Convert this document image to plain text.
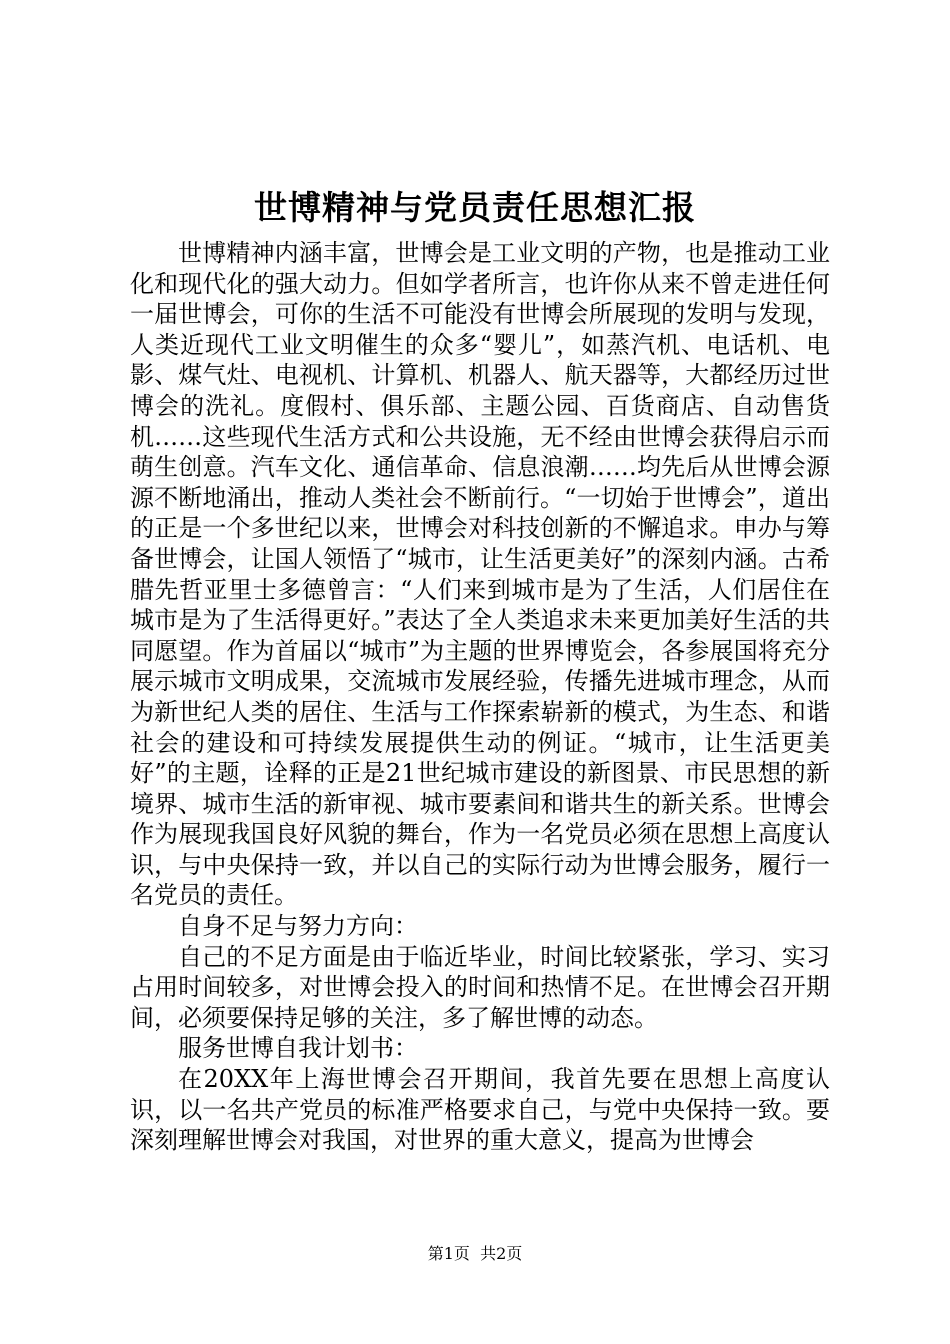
世博精神与党员责任思想汇报

世博精神内涵丰富，世博会是工业文明的产物，也是推动工业化和现代化的强大动力。但如学者所言，也许你从来不曾走进任何一届世博会，可你的生活不可能没有世博会所展现的发明与发现，人类近现代工业文明催生的众多“婴儿”，如蒸汽机、电话机、电影、煤气灶、电视机、计算机、机器人、航天器等，大都经历过世博会的洗礼。度假村、俱乐部、主题公园、百货商店、自动售货机……这些现代生活方式和公共设施，无不经由世博会获得启示而萌生创意。汽车文化、通信革命、信息浪潮……均先后从世博会源源不断地涌出，推动人类社会不断前行。“一切始于世博会”，道出的正是一个多世纪以来，世博会对科技创新的不懈追求。申办与筹备世博会，让国人领悟了“城市，让生活更美好”的深刻内涵。古希腊先哲亚里士多德曾言：“人们来到城市是为了生活，人们居住在城市是为了生活得更好。”表达了全人类追求未来更加美好生活的共同愿望。作为首届以“城市”为主题的世界博览会，各参展国将充分展示城市文明成果，交流城市发展经验，传播先进城市理念，从而为新世纪人类的居住、生活与工作探索崭新的模式，为生态、和谐社会的建设和可持续发展提供生动的例证。“城市，让生活更美好”的主题，诠释的正是21世纪城市建设的新图景、市民思想的新境界、城市生活的新审视、城市要素间和谐共生的新关系。世博会作为展现我国良好风貌的舞台，作为一名党员必须在思想上高度认识，与中央保持一致，并以自己的实际行动为世博会服务，履行一名党员的责任。

自身不足与努力方向：

自己的不足方面是由于临近毕业，时间比较紧张，学习、实习占用时间较多，对世博会投入的时间和热情不足。在世博会召开期间，必须要保持足够的关注，多了解世博的动态。

服务世博自我计划书：

在20XX年上海世博会召开期间，我首先要在思想上高度认识，以一名共产党员的标准严格要求自己，与党中央保持一致。要深刻理解世博会对我国，对世界的重大意义，提高为世博会

第1页 共2页
